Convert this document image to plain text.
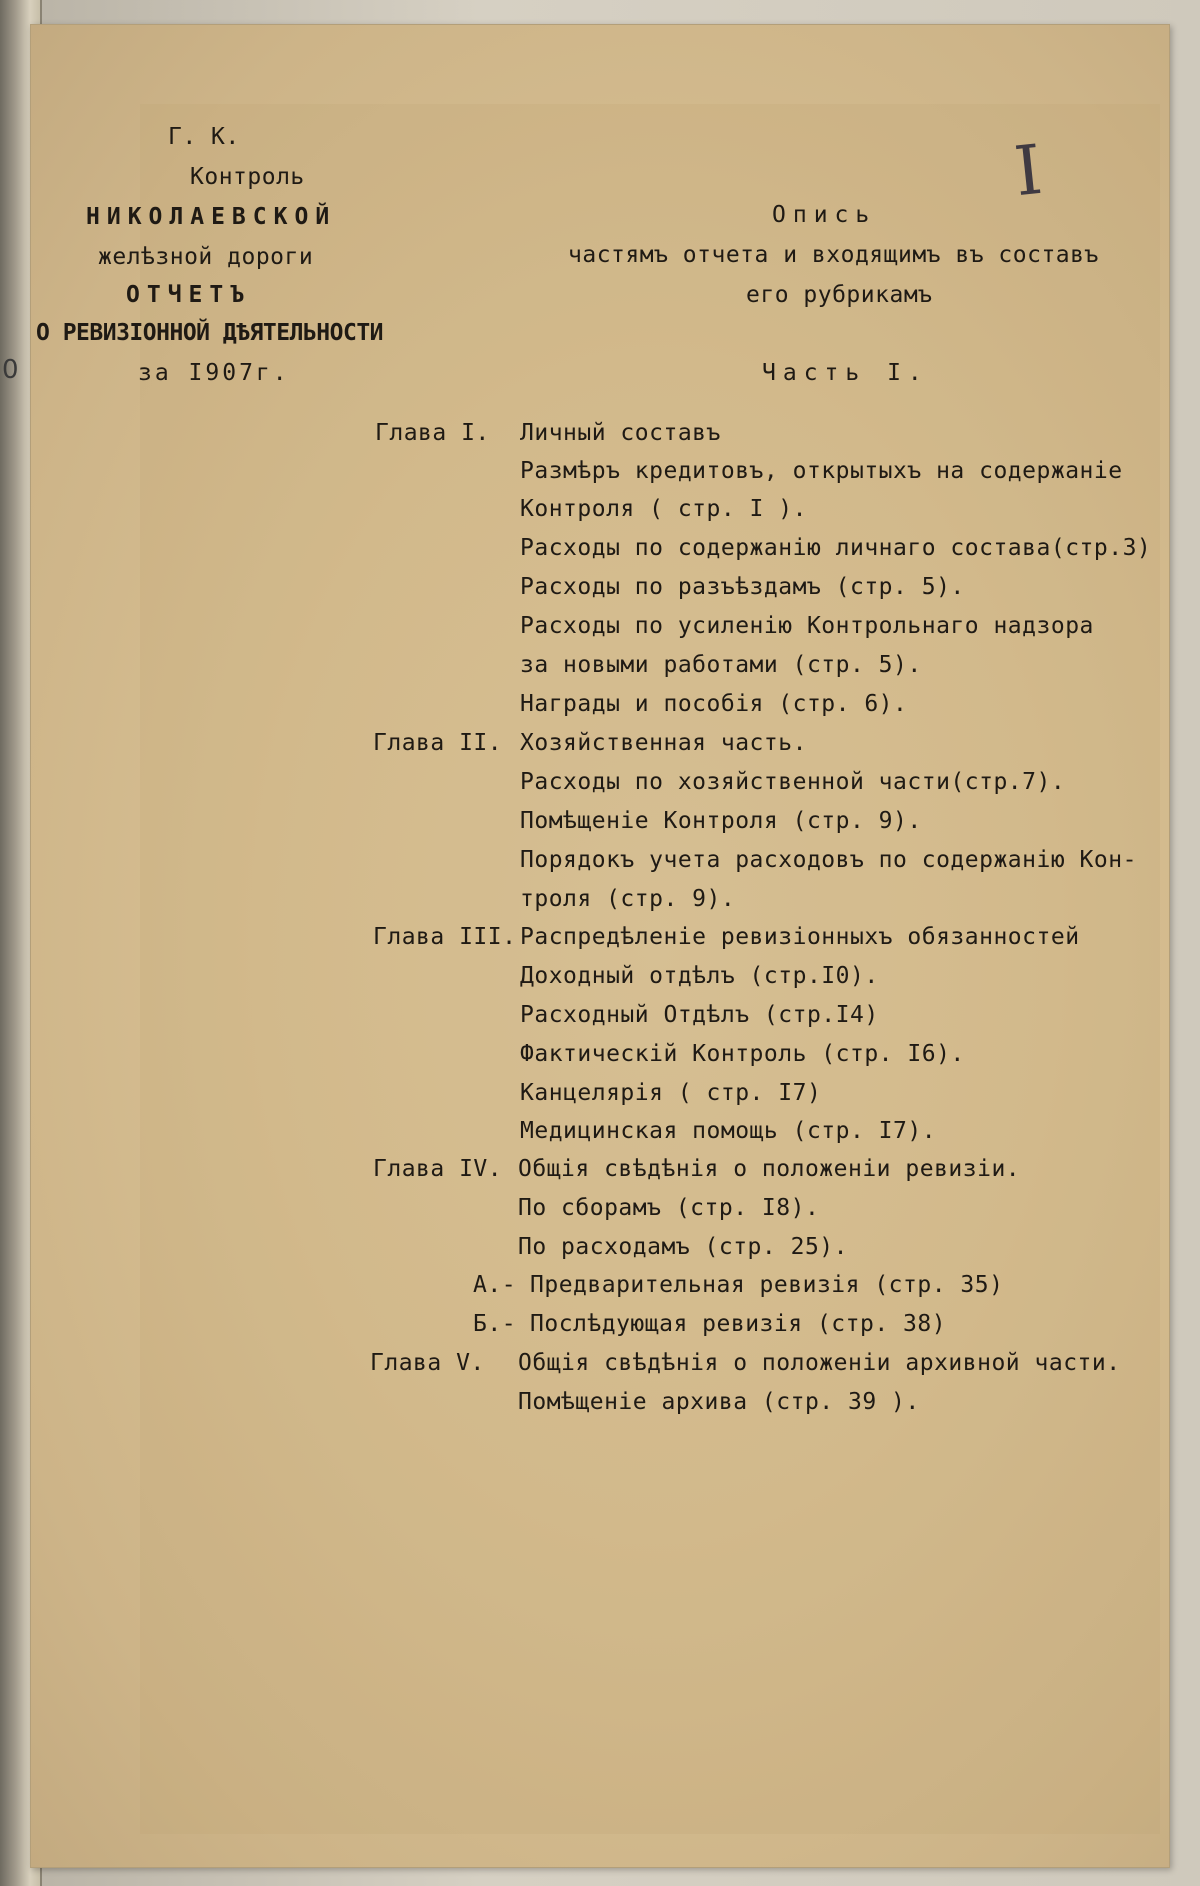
0
Г. К.
Контроль
НИКОЛАЕВСКОЙ
желѣзной дороги
ОТЧЕТЪ
О РЕВИЗІОННОЙ ДѢЯТЕЛЬНОСТИ
за І907г.
Опись
частямъ отчета и входящимъ въ составъ
его рубрикамъ
Часть I.
I
Глава I. Личный составъ
Размѣръ кредитовъ, открытыхъ на содержаніе
Контроля ( стр. I ).
Расходы по содержанію личнаго состава(стр.3)
Расходы по разъѣздамъ (стр. 5).
Расходы по усиленію Контрольнаго надзора
за новыми работами (стр. 5).
Награды и пособія (стр. 6).
Глава II. Хозяйственная часть.
Расходы по хозяйственной части(стр.7).
Помѣщеніе Контроля (стр. 9).
Порядокъ учета расходовъ по содержанію Кон-
троля (стр. 9).
Глава III. Распредѣленіе ревизіонныхъ обязанностей
Доходный отдѣлъ (стр.I0).
Расходный Отдѣлъ (стр.I4)
Фактическій Контроль (стр. I6).
Канцелярія ( стр. I7)
Медицинская помощь (стр. I7).
Глава IV. Общія свѣдѣнія о положеніи ревизіи.
По сборамъ (стр. I8).
По расходамъ (стр. 25).
А.- Предварительная ревизія (стр. 35)
Б.- Послѣдующая ревизія (стр. 38)
Глава V. Общія свѣдѣнія о положеніи архивной части.
Помѣщеніе архива (стр. 39 ).
